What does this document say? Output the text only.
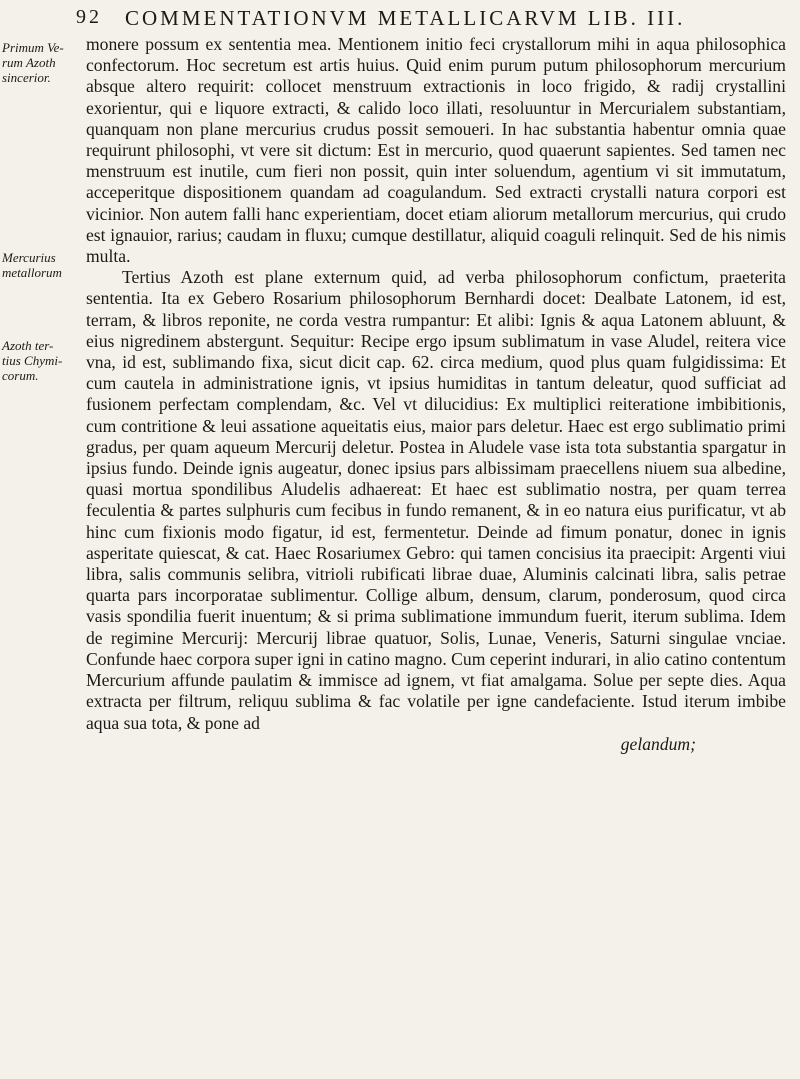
92 COMMENTATIONVM METALLICARVM LIB. III.
Primum Ve- rum Azoth sincerior.
Mercurius metallorum
Azoth ter- tius Chymi- corum.

monere possum ex sententia mea. Mentionem initio feci crystallorum mihi in aqua philosophica confectorum. Hoc secretum est artis huius. Quid enim purum putum philosophorum mercurium absque altero requirit: collocet menstruum extractionis in loco frigido, & radij crystallini exorientur, qui e liquore extracti, & calido loco illati, resoluuntur in Mercurialem substantiam, quanquam non plane mercurius crudus possit semoueri. In hac substantia habentur omnia quae requirunt philosophi, vt vere sit dictum: Est in mercurio, quod quaerunt sapientes. Sed tamen nec menstruum est inutile, cum fieri non possit, quin inter soluendum, agentium vi sit immutatum, acceperitque dispositionem quandam ad coagulandum. Sed extracti crystalli natura corpori est vicinior. Non autem falli hanc experientiam, docet etiam aliorum metallorum mercurius, qui crudo est ignauior, rarius; caudam in fluxu; cumque destillatur, aliquid coaguli relinquit. Sed de his nimis multa.

Tertius Azoth est plane externum quid, ad verba philosophorum confictum, praeterita sententia. Ita ex Gebero Rosarium philosophorum Bernhardi docet: Dealbate Latonem, id est, terram, & libros reponite, ne corda vestra rumpantur: Et alibi: Ignis & aqua Latonem abluunt, & eius nigredinem abstergunt. Sequitur: Recipe ergo ipsum sublimatum in vase Aludel, reitera vice vna, id est, sublimando fixa, sicut dicit cap. 62. circa medium, quod plus quam fulgidissima: Et cum cautela in administratione ignis, vt ipsius humiditas in tantum deleatur, quod sufficiat ad fusionem perfectam complendam, &c. Vel vt dilucidius: Ex multiplici reiteratione imbibitionis, cum contritione & leui assatione aqueitatis eius, maior pars deletur. Haec est ergo sublimatio primi gradus, per quam aqueum Mercurij deletur. Postea in Aludele vase ista tota substantia spargatur in ipsius fundo. Deinde ignis augeatur, donec ipsius pars albissimam praecellens niuem sua albedine, quasi mortua spondilibus Aludelis adhaereat: Et haec est sublimatio nostra, per quam terrea feculentia & partes sulphuris cum fecibus in fundo remanent, & in eo natura eius purificatur, vt ab hinc cum fixionis modo figatur, id est, fermentetur. Deinde ad fimum ponatur, donec in ignis asperitate quiescat, & cat. Haec Rosariumex Gebro: qui tamen concisius ita praecipit: Argenti viui libra, salis communis selibra, vitrioli rubificati librae duae, Aluminis calcinati libra, salis petrae quarta pars incorporatae sublimentur. Collige album, densum, clarum, ponderosum, quod circa vasis spondilia fuerit inuentum; & si prima sublimatione immundum fuerit, iterum sublima. Idem de regimine Mercurij: Mercurij librae quatuor, Solis, Lunae, Veneris, Saturni singulae vnciae. Confunde haec corpora super igni in catino magno. Cum ceperint indurari, in alio catino contentum Mercurium affunde paulatim & immisce ad ignem, vt fiat amalgama. Solue per septe dies. Aqua extracta per filtrum, reliquu sublima & fac volatile per igne candefaciente. Istud iterum imbibe aqua sua tota, & pone ad

gelandum;
